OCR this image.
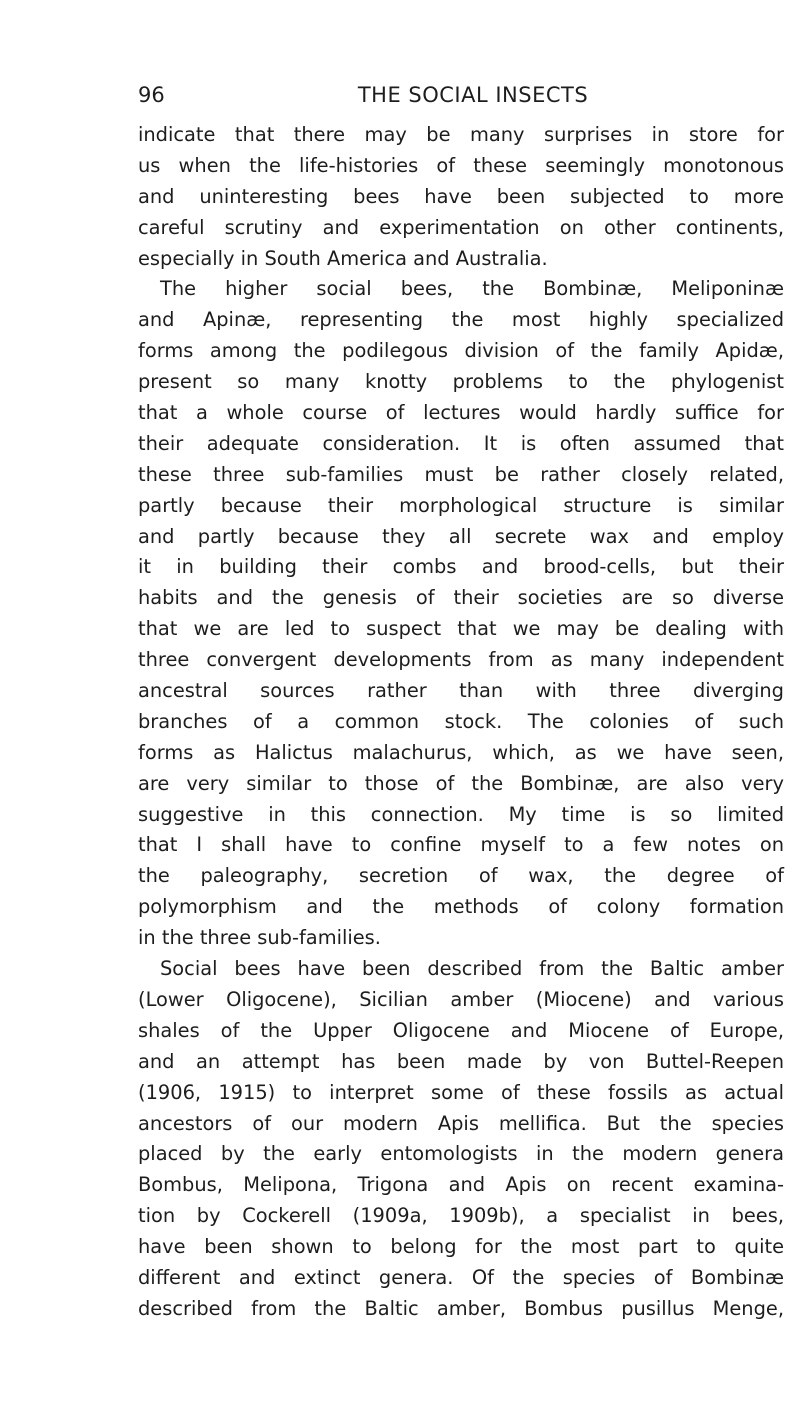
96	THE SOCIAL INSECTS
indicate that there may be many surprises in store for
us when the life-histories of these seemingly monotonous
and uninteresting bees have been subjected to more
careful scrutiny and experimentation on other continents,
especially in South America and Australia.
The higher social bees, the Bombinæ, Meliponinæ
and Apinæ, representing the most highly specialized
forms among the podilegous division of the family Apidæ,
present so many knotty problems to the phylogenist
that a whole course of lectures would hardly suffice for
their adequate consideration. It is often assumed that
these three sub-families must be rather closely related,
partly because their morphological structure is similar
and partly because they all secrete wax and employ
it in building their combs and brood-cells, but their
habits and the genesis of their societies are so diverse
that we are led to suspect that we may be dealing with
three convergent developments from as many independent
ancestral sources rather than with three diverging
branches of a common stock. The colonies of such
forms as Halictus malachurus, which, as we have seen,
are very similar to those of the Bombinæ, are also very
suggestive in this connection. My time is so limited
that I shall have to confine myself to a few notes on
the paleography, secretion of wax, the degree of
polymorphism and the methods of colony formation
in the three sub-families.
Social bees have been described from the Baltic amber
(Lower Oligocene), Sicilian amber (Miocene) and various
shales of the Upper Oligocene and Miocene of Europe,
and an attempt has been made by von Buttel-Reepen
(1906, 1915) to interpret some of these fossils as actual
ancestors of our modern Apis mellifica. But the species
placed by the early entomologists in the modern genera
Bombus, Melipona, Trigona and Apis on recent examina-
tion by Cockerell (1909a, 1909b), a specialist in bees,
have been shown to belong for the most part to quite
different and extinct genera. Of the species of Bombinæ
described from the Baltic amber, Bombus pusillus Menge,
